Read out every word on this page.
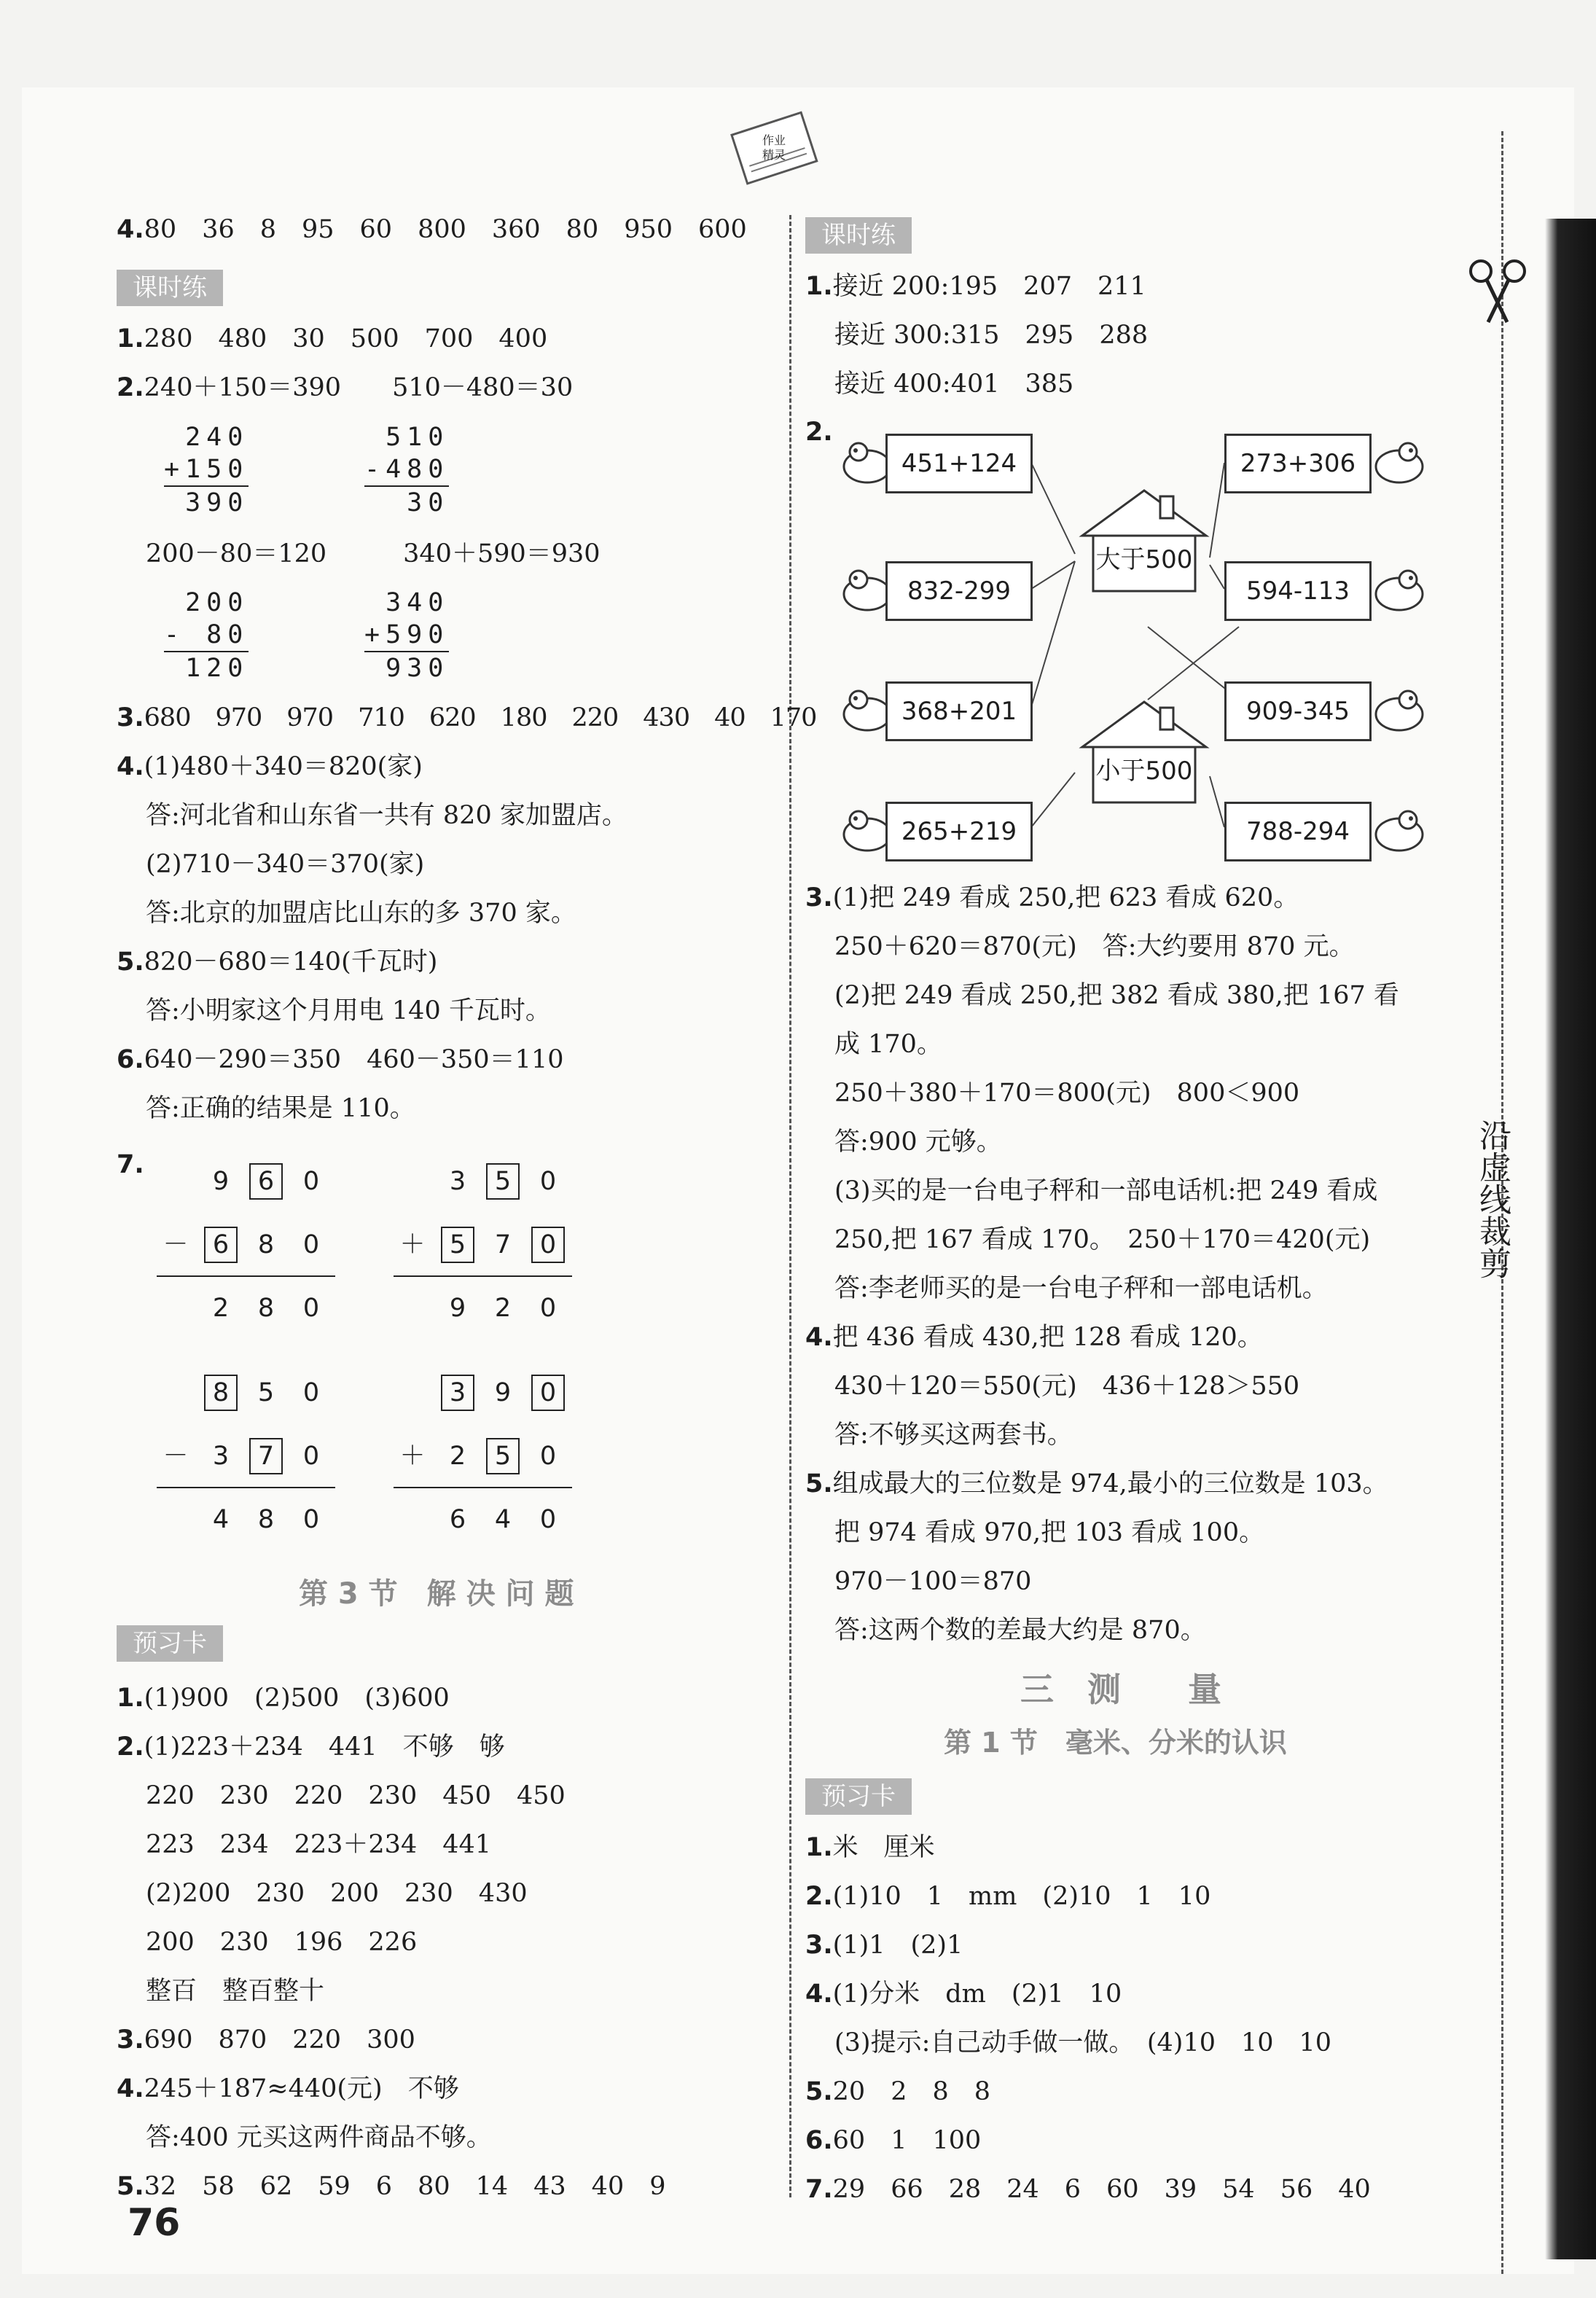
沿虚线裁剪
作业
精灵
4.80　36　8　95　60　800　360　80　950　600
课时练
1.280　480　30　500　700　400
2.240＋150＝390　　510－480＝30
240
+150
390
510
-480
30
200－80＝120　　　340＋590＝930
200
- 80
120
340
+590
930
3.680　970　970　710　620　180　220　430　40　170
4.(1)480＋340＝820(家)
答:河北省和山东省一共有 820 家加盟店。
(2)710－340＝370(家)
答:北京的加盟店比山东的多 370 家。
5.820－680＝140(千瓦时)
答:小明家这个月用电 140 千瓦时。
6.640－290＝350　460－350＝110
答:正确的结果是 110。
7.
9 6 0
－ 6 8 0
2 8 0
3 5 0
＋ 5 7 0
9 2 0
8 5 0
－ 3 7 0
4 8 0
3 9 0
＋ 2 5 0
6 4 0
第 3 节　解 决 问 题
预习卡
1.(1)900　(2)500　(3)600
2.(1)223＋234　441　不够　够
220　230　220　230　450　450
223　234　223＋234　441
(2)200　230　200　230　430
200　230　196　226
整百　整百整十
3.690　870　220　300
4.245＋187≈440(元)　不够
答:400 元买这两件商品不够。
5.32　58　62　59　6　80　14　43　40　9
76
课时练
1.接近 200:195　207　211
接近 300:315　295　288
接近 400:401　385
2.
451+124
832-299
368+201
265+219
273+306
594-113
909-345
788-294
大于500
小于500
3.(1)把 249 看成 250,把 623 看成 620。
250＋620＝870(元)　答:大约要用 870 元。
(2)把 249 看成 250,把 382 看成 380,把 167 看
成 170。
250＋380＋170＝800(元)　800＜900
答:900 元够。
(3)买的是一台电子秤和一部电话机:把 249 看成
250,把 167 看成 170。　250＋170＝420(元)
答:李老师买的是一台电子秤和一部电话机。
4.把 436 看成 430,把 128 看成 120。
430＋120＝550(元)　436＋128＞550
答:不够买这两套书。
5.组成最大的三位数是 974,最小的三位数是 103。
把 974 看成 970,把 103 看成 100。
970－100＝870
答:这两个数的差最大约是 870。
三　测　　量
第 1 节　毫米、分米的认识
预习卡
1.米　厘米
2.(1)10　1　mm　(2)10　1　10
3.(1)1　(2)1
4.(1)分米　dm　(2)1　10
(3)提示:自己动手做一做。　(4)10　10　10
5.20　2　8　8
6.60　1　100
7.29　66　28　24　6　60　39　54　56　40
